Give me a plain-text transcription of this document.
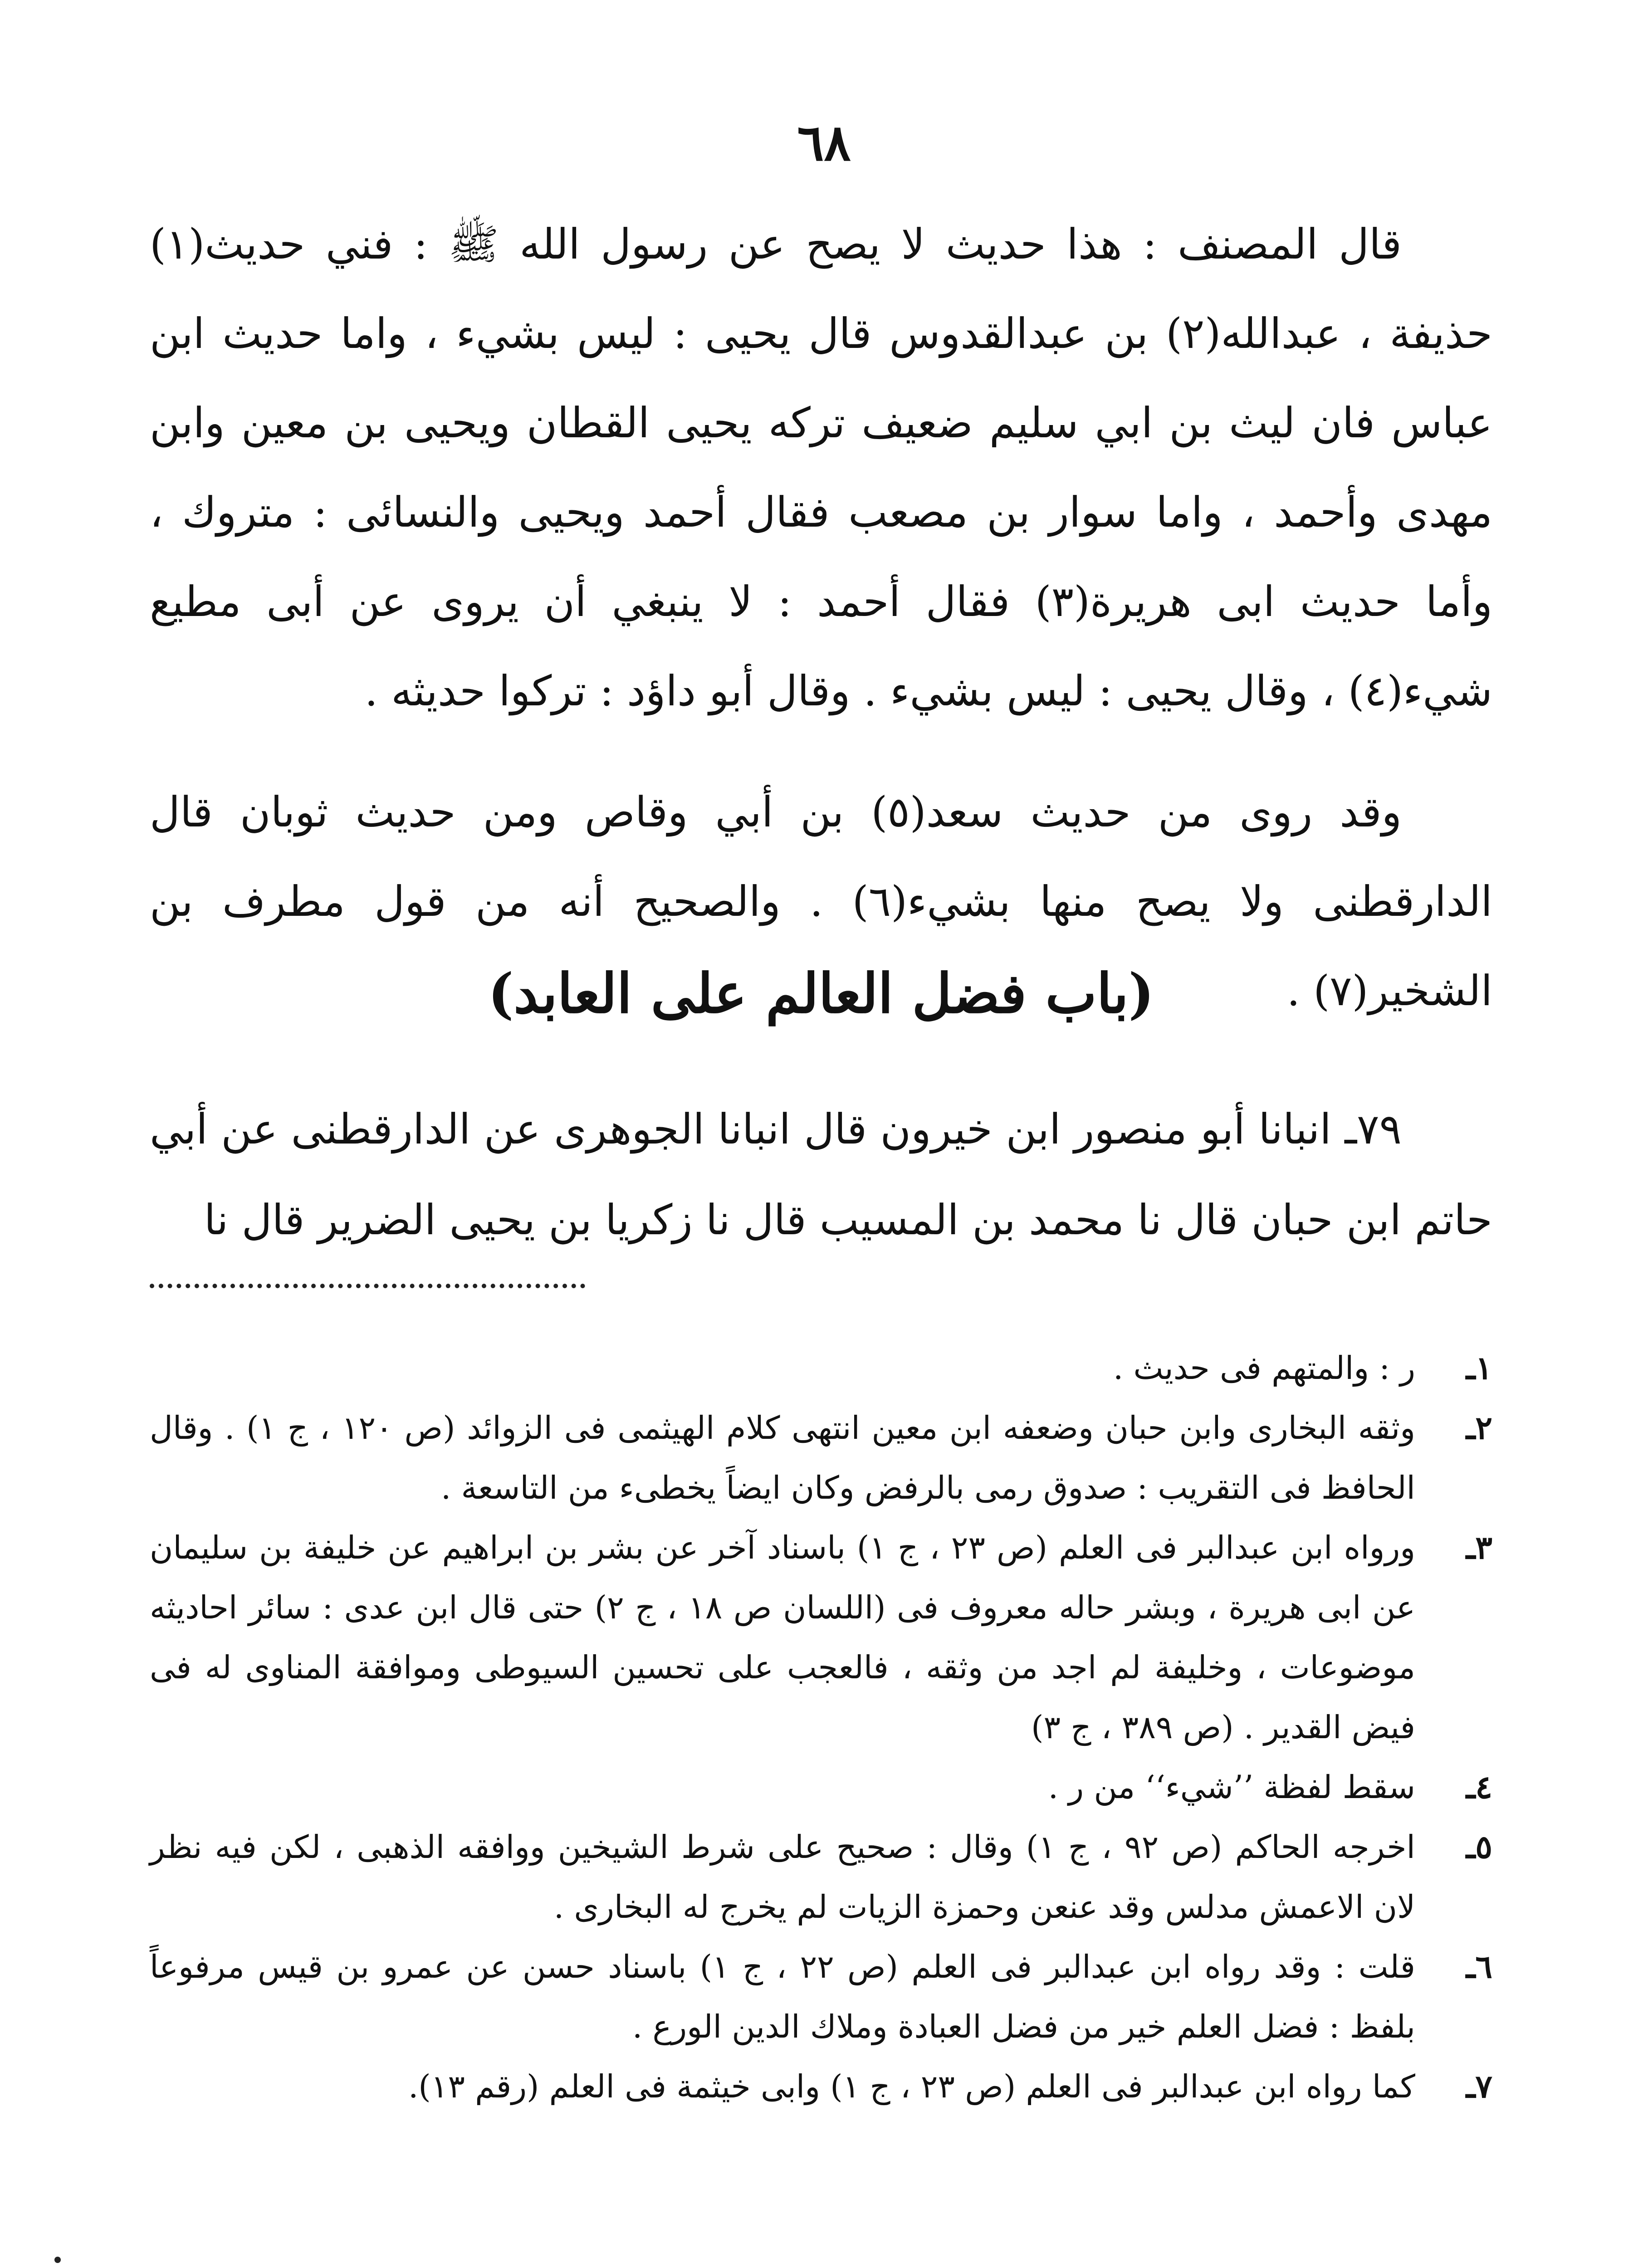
٦٨

قال المصنف : هذا حديث لا يصح عن رسول الله ﷺ : فني حديث(١) حذيفة ، عبدالله(٢) بن عبدالقدوس قال يحيى : ليس بشيء ، واما حديث ابن عباس فان ليث بن ابي سليم ضعيف تركه يحيى القطان ويحيى بن معين وابن مهدى وأحمد ، واما سوار بن مصعب فقال أحمد ويحيى والنسائى : متروك ، وأما حديث ابى هريرة(٣) فقال أحمد : لا ينبغي أن يروى عن أبى مطيع شيء(٤) ، وقال يحيى : ليس بشيء . وقال أبو داؤد : تركوا حديثه .

وقد روى من حديث سعد(٥) بن أبي وقاص ومن حديث ثوبان قال الدارقطنى ولا يصح منها بشيء(٦) . والصحيح أنه من قول مطرف بن الشخير(٧) .

(باب فضل العالم على العابد)
٧٩ـ انبانا أبو منصور ابن خيرون قال انبانا الجوهرى عن الدارقطنى عن أبي حاتم ابن حبان قال نا محمد بن المسيب قال نا زكريا بن يحيى الضرير قال نا
١ـ
ر : والمتهم فى حديث .
٢ـ
وثقه البخارى وابن حبان وضعفه ابن معين انتهى كلام الهيثمى فى الزوائد (ص ١٢٠ ، ج ١) . وقال الحافظ فى التقريب : صدوق رمى بالرفض وكان ايضاً يخطىء من التاسعة .
٣ـ
ورواه ابن عبدالبر فى العلم (ص ٢٣ ، ج ١) باسناد آخر عن بشر بن ابراهيم عن خليفة بن سليمان عن ابى هريرة ، وبشر حاله معروف فى (اللسان ص ١٨ ، ج ٢) حتى قال ابن عدى : سائر احاديثه موضوعات ، وخليفة لم اجد من وثقه ، فالعجب على تحسين السيوطى وموافقة المناوى له فى فيض القدير . (ص ٣٨٩ ، ج ٣)
٤ـ
سقط لفظة ’’شيء‘‘ من ر .
٥ـ
اخرجه الحاكم (ص ٩٢ ، ج ١) وقال : صحيح على شرط الشيخين ووافقه الذهبى ، لكن فيه نظر لان الاعمش مدلس وقد عنعن وحمزة الزيات لم يخرج له البخارى .
٦ـ
قلت : وقد رواه ابن عبدالبر فى العلم (ص ٢٢ ، ج ١) باسناد حسن عن عمرو بن قيس مرفوعاً بلفظ : فضل العلم خير من فضل العبادة وملاك الدين الورع .
٧ـ
كما رواه ابن عبدالبر فى العلم (ص ٢٣ ، ج ١) وابى خيثمة فى العلم (رقم ١٣).
